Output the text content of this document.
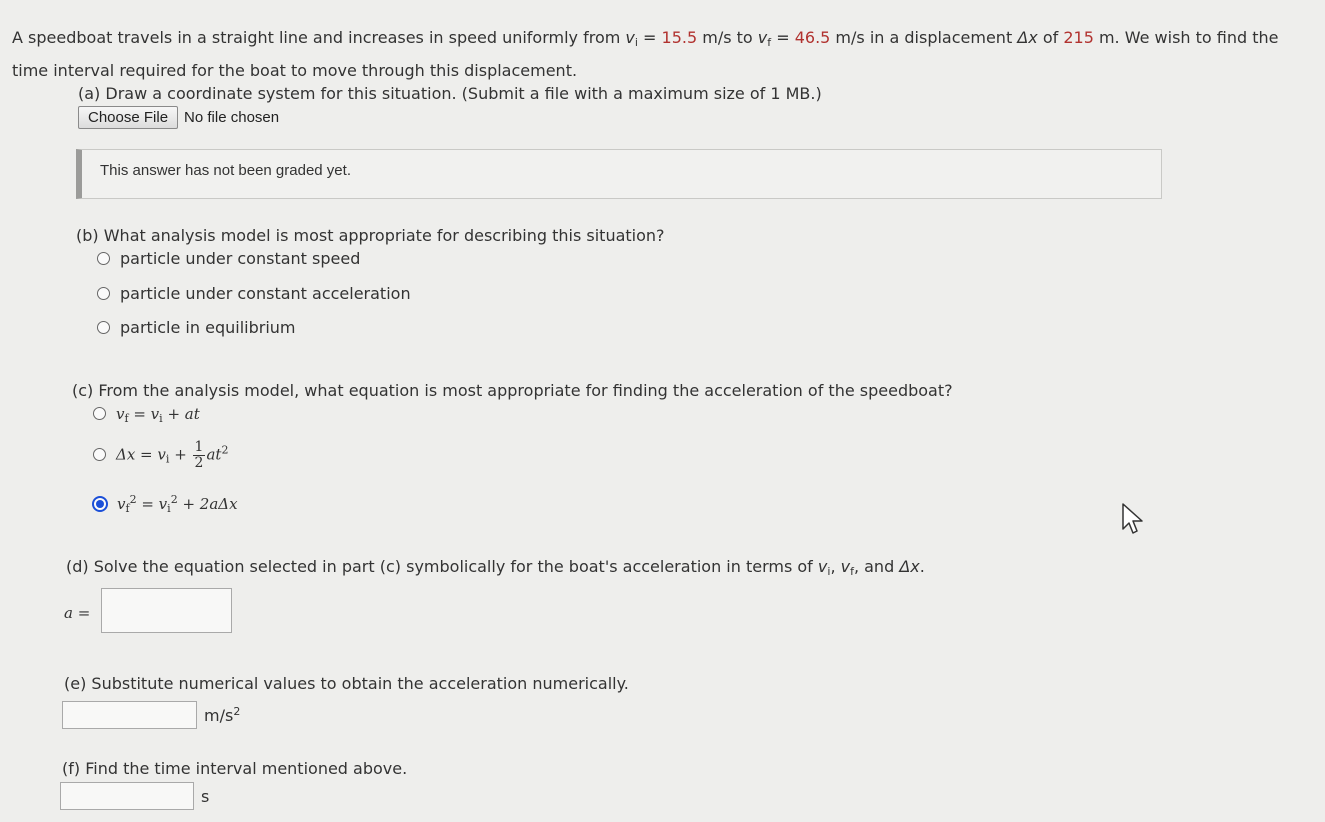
A speedboat travels in a straight line and increases in speed uniformly from $v_i = 15.5$ m/s to $v_f = 46.5$ m/s in a displacement Δx of 215 m. We wish to find the
time interval required for the boat to move through this displacement.
(a) Draw a coordinate system for this situation. (Submit a file with a maximum size of 1 MB.)
Choose File No file chosen
This answer has not been graded yet.
(b) What analysis model is most appropriate for describing this situation?
particle under constant speed
particle under constant acceleration
particle in equilibrium
(c) From the analysis model, what equation is most appropriate for finding the acceleration of the speedboat?
$v_f = v_i$ + at
$\Delta x = v_i + \frac{1}{2} at^2$
$v_f^2 = v_i^2 + 2a\Delta x$
(d) Solve the equation selected in part (c) symbolically for the boat's acceleration in terms of $v_i$, $v_f$, and Δx.
a =
(e) Substitute numerical values to obtain the acceleration numerically.
$m/s^2$
(f) Find the time interval mentioned above.
s
